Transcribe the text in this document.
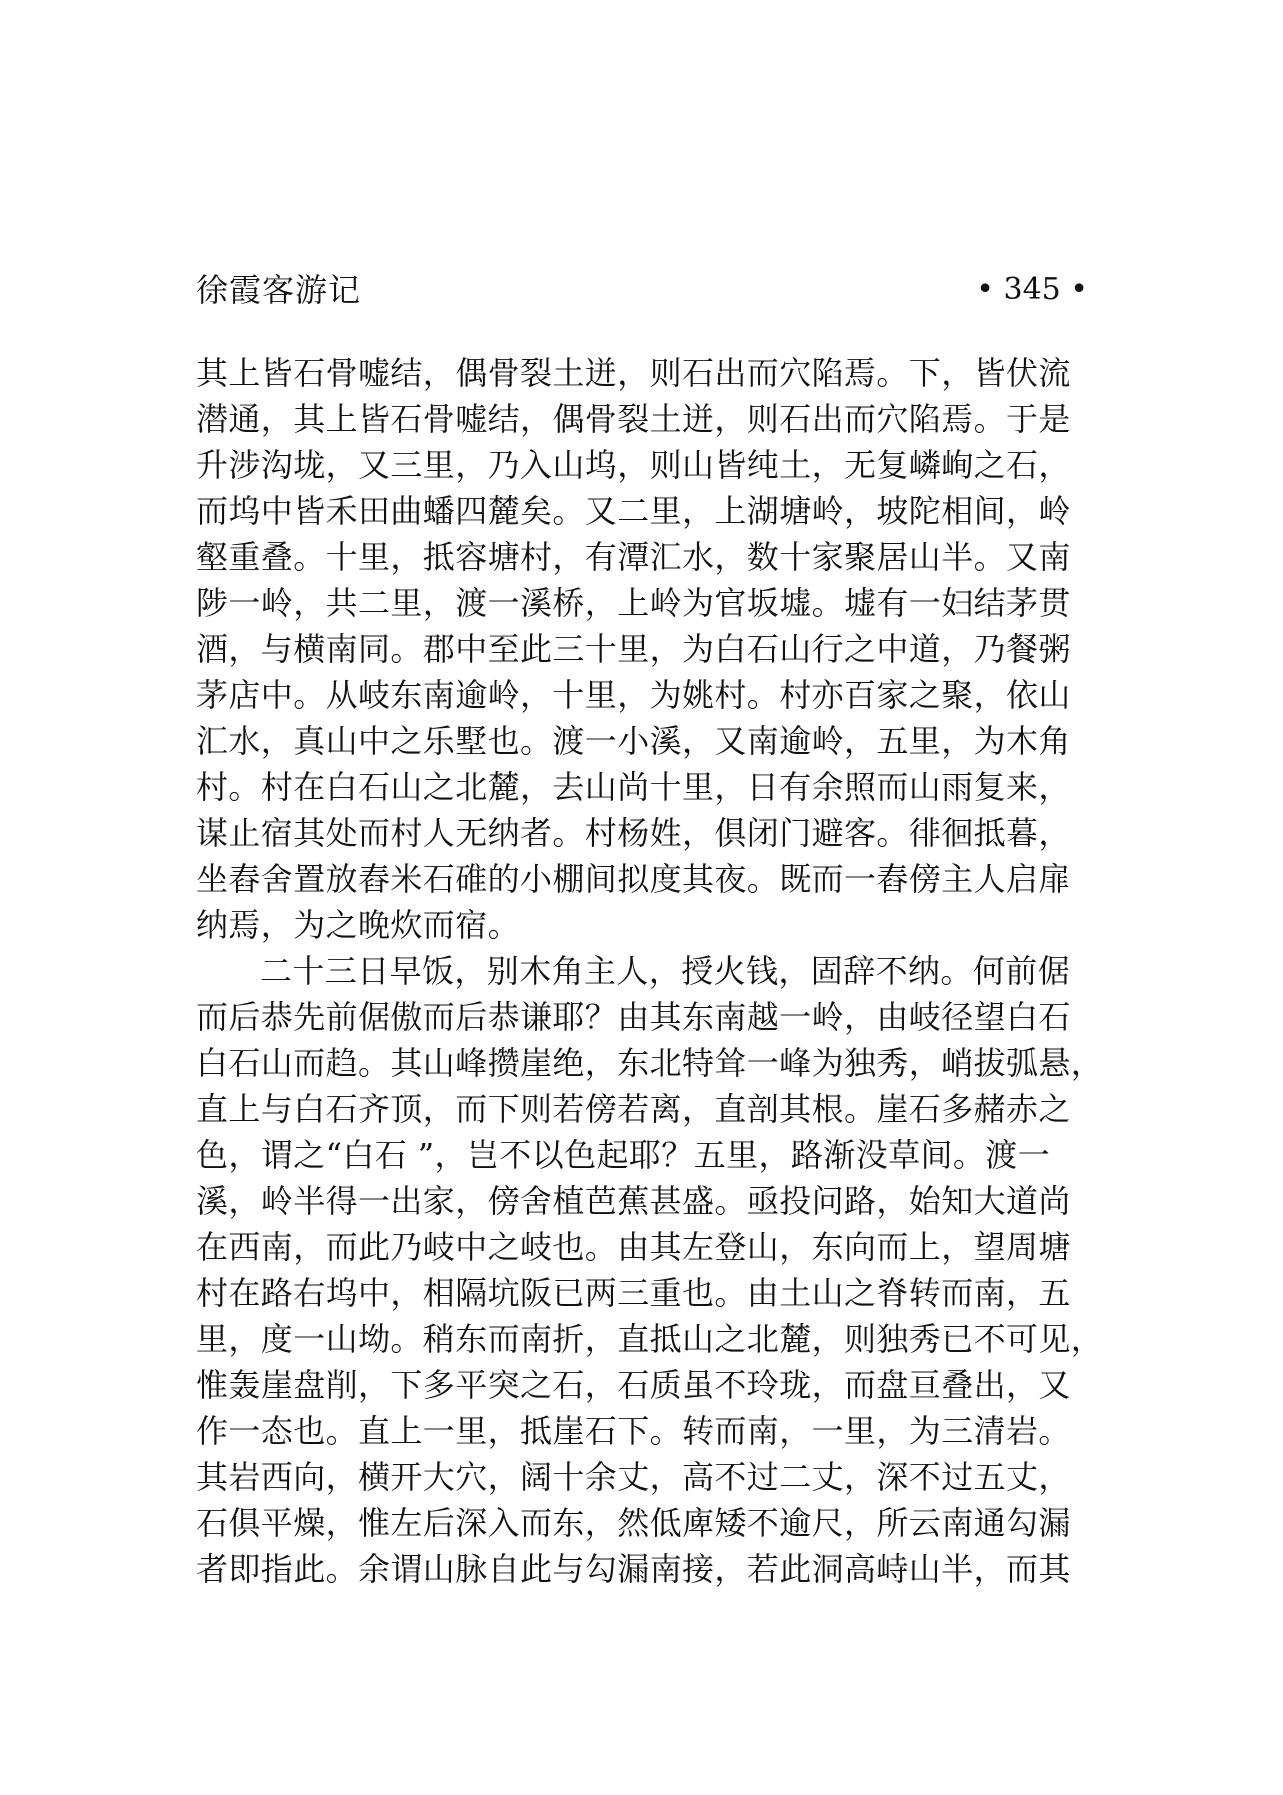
徐霞客游记	• 345 •
其上皆石骨嘘结，偶骨裂土迸，则石出而穴陷焉。下，皆伏流
潜通，其上皆石骨嘘结，偶骨裂土迸，则石出而穴陷焉。于是
升涉沟垅，又三里，乃入山坞，则山皆纯土，无复嶙峋之石，
而坞中皆禾田曲蟠四麓矣。又二里，上湖塘岭，坡陀相间，岭
壑重叠。十里，抵容塘村，有潭汇水，数十家聚居山半。又南
陟一岭，共二里，渡一溪桥，上岭为官坂墟。墟有一妇结茅贯
酒，与横南同。郡中至此三十里，为白石山行之中道，乃餐粥
茅店中。从岐东南逾岭，十里，为姚村。村亦百家之聚，依山
汇水，真山中之乐墅也。渡一小溪，又南逾岭，五里，为木角
村。村在白石山之北麓，去山尚十里，日有余照而山雨复来，
谋止宿其处而村人无纳者。村杨姓，俱闭门避客。徘徊抵暮，
坐舂舍置放舂米石碓的小棚间拟度其夜。既而一舂傍主人启扉
纳焉，为之晚炊而宿。
二十三日早饭，别木角主人，授火钱，固辞不纳。何前倨
而后恭先前倨傲而后恭谦耶？由其东南越一岭，由岐径望白石
白石山而趋。其山峰攒崖绝，东北特耸一峰为独秀，峭拔弧悬，
直上与白石齐顶，而下则若傍若离，直剖其根。崖石多赭赤之
色，谓之“白石 ”，岂不以色起耶？五里，路渐没草间。渡一
溪，岭半得一出家，傍舍植芭蕉甚盛。亟投问路，始知大道尚
在西南，而此乃岐中之岐也。由其左登山，东向而上，望周塘
村在路右坞中，相隔坑阪已两三重也。由土山之脊转而南，五
里，度一山坳。稍东而南折，直抵山之北麓，则独秀已不可见，
惟轰崖盘削，下多平突之石，石质虽不玲珑，而盘亘叠出，又
作一态也。直上一里，抵崖石下。转而南，一里，为三清岩。
其岩西向，横开大穴，阔十余丈，高不过二丈，深不过五丈，
石俱平燥，惟左后深入而东，然低庳矮不逾尺，所云南通勾漏
者即指此。余谓山脉自此与勾漏南接，若此洞高峙山半，而其
